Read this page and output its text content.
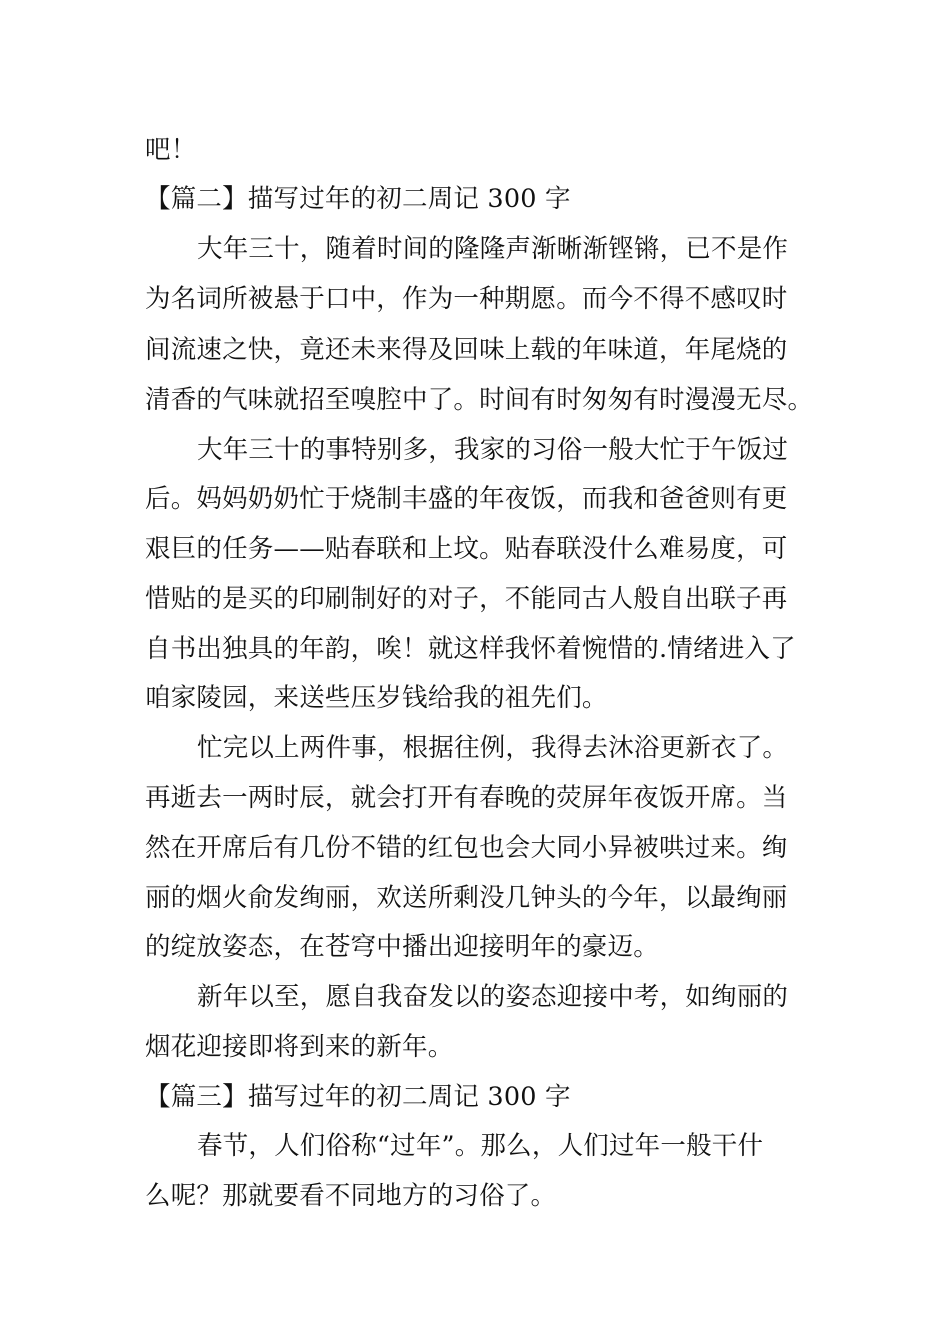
吧！
【篇二】描写过年的初二周记 300 字
大年三十，随着时间的隆隆声渐晰渐铿锵，已不是作
为名词所被悬于口中，作为一种期愿。而今不得不感叹时
间流速之快，竟还未来得及回味上载的年味道，年尾烧的
清香的气味就招至嗅腔中了。时间有时匆匆有时漫漫无尽。
大年三十的事特别多，我家的习俗一般大忙于午饭过
后。妈妈奶奶忙于烧制丰盛的年夜饭，而我和爸爸则有更
艰巨的任务——贴春联和上坟。贴春联没什么难易度，可
惜贴的是买的印刷制好的对子，不能同古人般自出联子再
自书出独具的年韵，唉！就这样我怀着惋惜的.情绪进入了
咱家陵园，来送些压岁钱给我的祖先们。
忙完以上两件事，根据往例，我得去沐浴更新衣了。
再逝去一两时辰，就会打开有春晚的荧屏年夜饭开席。当
然在开席后有几份不错的红包也会大同小异被哄过来。绚
丽的烟火俞发绚丽，欢送所剩没几钟头的今年，以最绚丽
的绽放姿态，在苍穹中播出迎接明年的豪迈。
新年以至，愿自我奋发以的姿态迎接中考，如绚丽的
烟花迎接即将到来的新年。
【篇三】描写过年的初二周记 300 字
春节，人们俗称“过年”。那么，人们过年一般干什
么呢？那就要看不同地方的习俗了。
